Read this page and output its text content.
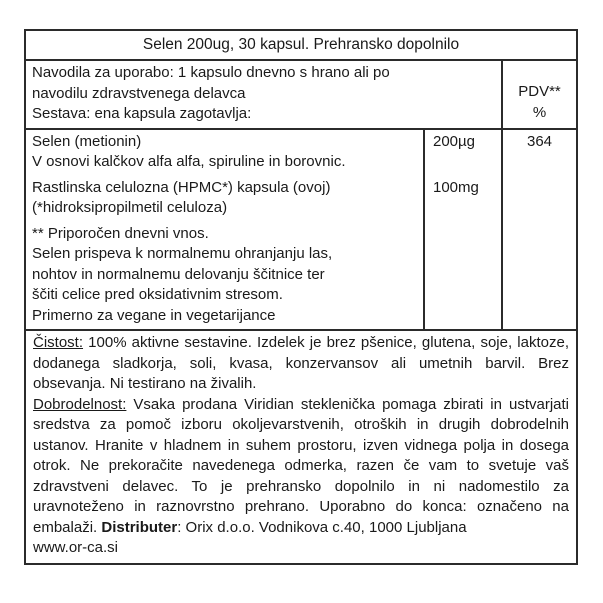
Selen 200ug, 30 kapsul. Prehransko dopolnilo
Navodila za uporabo: 1 kapsulo dnevno s hrano ali po
navodilu zdravstvenega delavca
Sestava: ena kapsula zagotavlja:

PDV**
%

Selen (metionin)
V osnovi kalčkov alfa alfa, spiruline in borovnic.	200µg	364

Rastlinska celulozna (HPMC*) kapsula (ovoj)
(*hidroksipropilmetil celuloza)	100mg	

** Priporočen dnevni vnos.
Selen prispeva k normalnemu ohranjanju las,
nohtov in normalnemu delovanju ščitnice ter
ščiti celice pred oksidativnim stresom.
Primerno za vegane in vegetarijance		

Čistost: 100% aktivne sestavine. Izdelek je brez pšenice, glutena, soje, laktoze, dodanega sladkorja, soli, kvasa, konzervansov ali umetnih barvil. Brez obsevanja. Ni testirano na živalih.

Dobrodelnost: Vsaka prodana Viridian steklenička pomaga zbirati in ustvarjati sredstva za pomoč izboru okoljevarstvenih, otroških in drugih dobrodelnih ustanov. Hranite v hladnem in suhem prostoru, izven vidnega polja in dosega otrok. Ne prekoračite navedenega odmerka, razen če vam to svetuje vaš zdravstveni delavec. To je prehransko dopolnilo in ni nadomestilo za uravnoteženo in raznovrstno prehrano. Uporabno do konca: označeno na embalaži. Distributer: Orix d.o.o. Vodnikova c.40, 1000 Ljubljana

www.or-ca.si
